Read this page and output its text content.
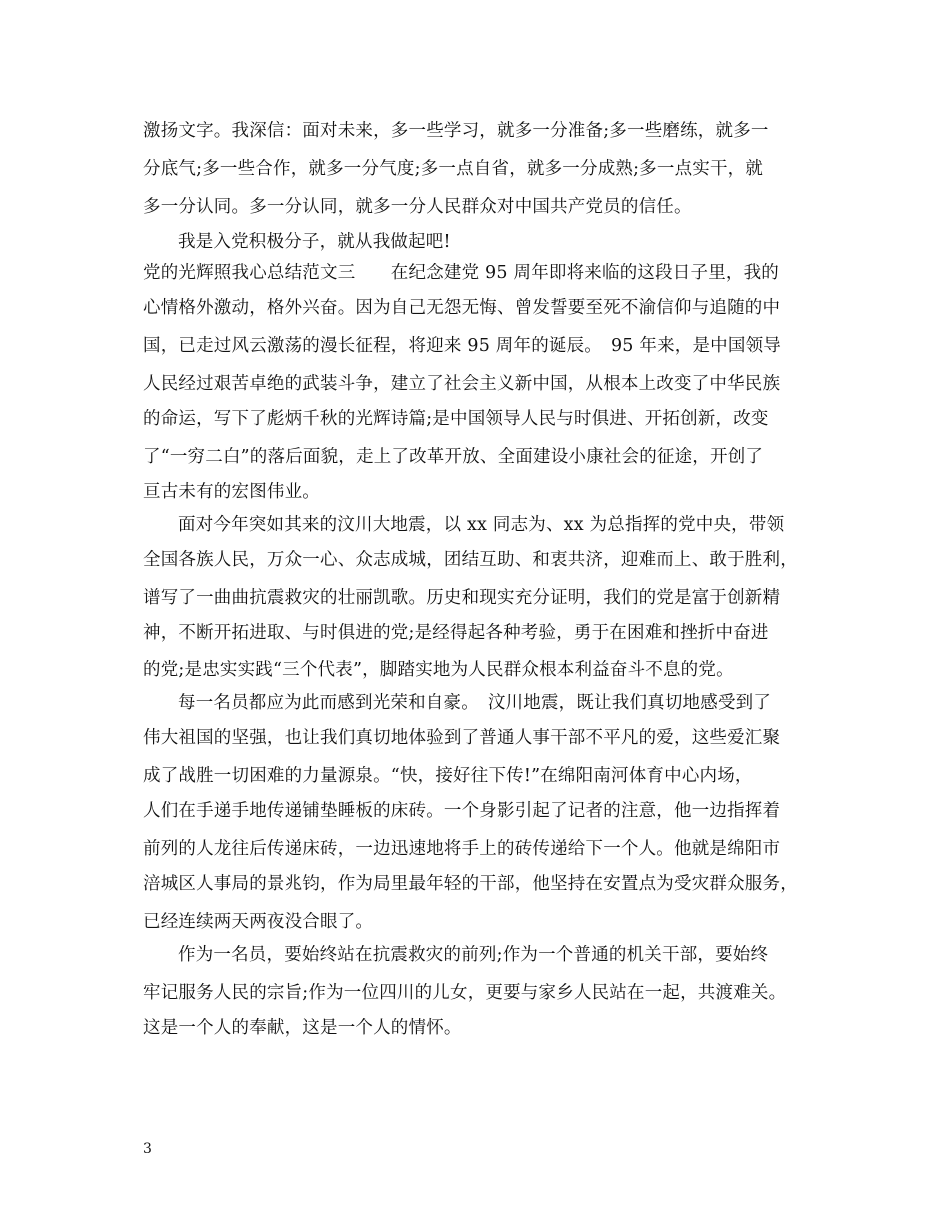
激扬文字。我深信：面对未来，多一些学习，就多一分准备;多一些磨练，就多一
分底气;多一些合作，就多一分气度;多一点自省，就多一分成熟;多一点实干，就
多一分认同。多一分认同，就多一分人民群众对中国共产党员的信任。
我是入党积极分子，就从我做起吧!
党的光辉照我心总结范文三　　在纪念建党 95 周年即将来临的这段日子里，我的
心情格外激动，格外兴奋。因为自己无怨无悔、曾发誓要至死不渝信仰与追随的中
国，已走过风云激荡的漫长征程，将迎来 95 周年的诞辰。　95 年来，是中国领导
人民经过艰苦卓绝的武装斗争，建立了社会主义新中国，从根本上改变了中华民族
的命运，写下了彪炳千秋的光辉诗篇;是中国领导人民与时俱进、开拓创新，改变
了“一穷二白”的落后面貌，走上了改革开放、全面建设小康社会的征途，开创了
亘古未有的宏图伟业。
面对今年突如其来的汶川大地震，以 xx 同志为、xx 为总指挥的党中央，带领
全国各族人民，万众一心、众志成城，团结互助、和衷共济，迎难而上、敢于胜利，
谱写了一曲曲抗震救灾的壮丽凯歌。历史和现实充分证明，我们的党是富于创新精
神，不断开拓进取、与时俱进的党;是经得起各种考验，勇于在困难和挫折中奋进
的党;是忠实实践“三个代表”，脚踏实地为人民群众根本利益奋斗不息的党。
每一名员都应为此而感到光荣和自豪。　汶川地震，既让我们真切地感受到了
伟大祖国的坚强，也让我们真切地体验到了普通人事干部不平凡的爱，这些爱汇聚
成了战胜一切困难的力量源泉。“快，接好往下传!”在绵阳南河体育中心内场，
人们在手递手地传递铺垫睡板的床砖。一个身影引起了记者的注意，他一边指挥着
前列的人龙往后传递床砖，一边迅速地将手上的砖传递给下一个人。他就是绵阳市
涪城区人事局的景兆钧，作为局里最年轻的干部，他坚持在安置点为受灾群众服务，
已经连续两天两夜没合眼了。
作为一名员，要始终站在抗震救灾的前列;作为一个普通的机关干部，要始终
牢记服务人民的宗旨;作为一位四川的儿女，更要与家乡人民站在一起，共渡难关。
这是一个人的奉献，这是一个人的情怀。
3
